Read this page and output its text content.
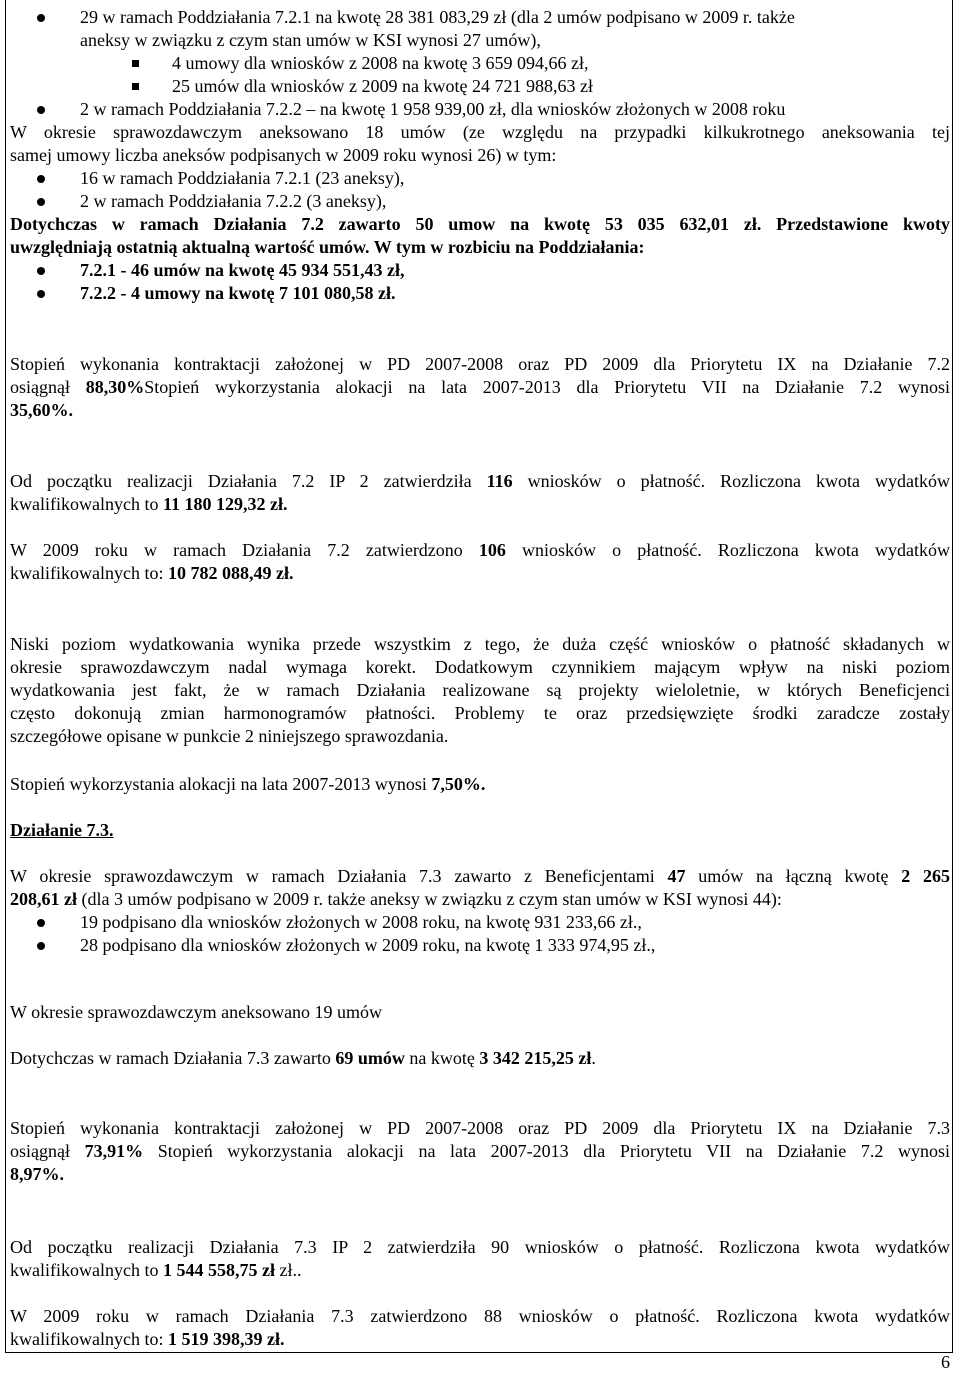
29 w ramach Poddziałania 7.2.1 na kwotę 28 381 083,29 zł (dla 2 umów podpisano w 2009 r. także
aneksy w związku z czym stan umów w KSI wynosi 27 umów),
4 umowy dla wniosków z 2008 na kwotę 3 659 094,66 zł,
25 umów dla wniosków z 2009 na kwotę 24 721 988,63 zł
2 w ramach Poddziałania 7.2.2 – na kwotę 1 958 939,00 zł, dla wniosków złożonych w 2008 roku
W okresie sprawozdawczym aneksowano 18 umów (ze względu na przypadki kilkukrotnego aneksowania tej
samej umowy liczba aneksów podpisanych w 2009 roku wynosi 26) w tym:
16 w ramach Poddziałania 7.2.1 (23 aneksy),
2 w ramach Poddziałania 7.2.2 (3 aneksy),
Dotychczas w ramach Działania 7.2 zawarto 50 umow na kwotę 53 035 632,01 zł. Przedstawione kwoty
uwzględniają ostatnią aktualną wartość umów. W tym w rozbiciu na Poddziałania:
7.2.1 - 46 umów na kwotę 45 934 551,43 zł,
7.2.2 - 4 umowy na kwotę 7 101 080,58 zł.
Stopień wykonania kontraktacji założonej w PD 2007-2008 oraz PD 2009 dla Priorytetu IX na Działanie 7.2
osiągnął 88,30%Stopień wykorzystania alokacji na lata 2007-2013 dla Priorytetu VII na Działanie 7.2 wynosi
35,60%.
Od początku realizacji Działania 7.2 IP 2 zatwierdziła 116 wniosków o płatność. Rozliczona kwota wydatków
kwalifikowalnych to 11 180 129,32 zł.
W 2009 roku w ramach Działania 7.2 zatwierdzono 106 wniosków o płatność. Rozliczona kwota wydatków
kwalifikowalnych to: 10 782 088,49 zł.
Niski poziom wydatkowania wynika przede wszystkim z tego, że duża część wniosków o płatność składanych w
okresie sprawozdawczym nadal wymaga korekt. Dodatkowym czynnikiem mającym wpływ na niski poziom
wydatkowania jest fakt, że w ramach Działania realizowane są projekty wieloletnie, w których Beneficjenci
często dokonują zmian harmonogramów płatności. Problemy te oraz przedsięwzięte środki zaradcze zostały
szczegółowe opisane w punkcie 2 niniejszego sprawozdania.
Stopień wykorzystania alokacji na lata 2007-2013 wynosi 7,50%.
Działanie 7.3.
W okresie sprawozdawczym w ramach Działania 7.3 zawarto z Beneficjentami 47 umów na łączną kwotę 2 265
208,61 zł (dla 3 umów podpisano w 2009 r. także aneksy w związku z czym stan umów w KSI wynosi 44):
19 podpisano dla wniosków złożonych w 2008 roku, na kwotę 931 233,66 zł.,
28 podpisano dla wniosków złożonych w 2009 roku, na kwotę 1 333 974,95 zł.,
W okresie sprawozdawczym aneksowano 19 umów
Dotychczas w ramach Działania 7.3 zawarto 69 umów na kwotę 3 342 215,25 zł.
Stopień wykonania kontraktacji założonej w PD 2007-2008 oraz PD 2009 dla Priorytetu IX na Działanie 7.3
osiągnął 73,91% Stopień wykorzystania alokacji na lata 2007-2013 dla Priorytetu VII na Działanie 7.2 wynosi
8,97%.
Od początku realizacji Działania 7.3 IP 2 zatwierdziła 90 wniosków o płatność. Rozliczona kwota wydatków
kwalifikowalnych to 1 544 558,75 zł zł..
W 2009 roku w ramach Działania 7.3 zatwierdzono 88 wniosków o płatność. Rozliczona kwota wydatków
kwalifikowalnych to: 1 519 398,39 zł.
6
